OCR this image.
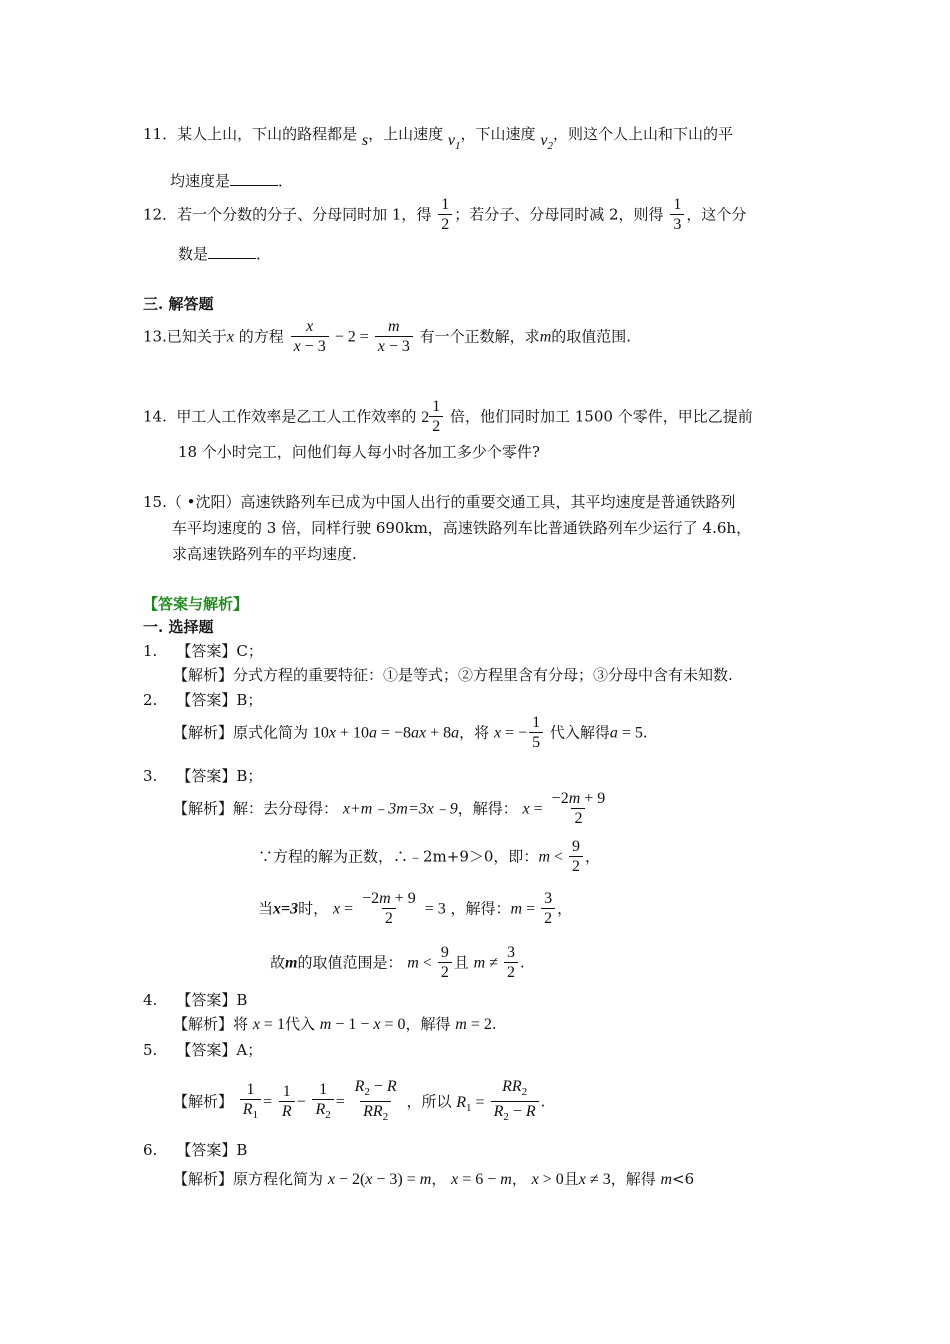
11．某人上山，下山的路程都是 s，上山速度 $v_1$，下山速度 $v_2$，则这个人上山和下山的平
均速度是	．
12．若一个分数的分子、分母同时加 1，得 $\frac{1}{2}$ ；若分子、分母同时减 2，则得 $\frac{1}{3}$ ，这个分
数是	．
三. 解答题
13.已知关于x 的方程 $\frac{x}{x - 3} - 2 = \frac{m}{x - 3}$ 有一个正数解，求m的取值范围.
14. 甲工人工作效率是乙工人工作效率的 $2 \frac{1}{2}$ 倍，他们同时加工 1500 个零件，甲比乙提前
18 个小时完工，问他们每人每小时各加工多少个零件?
15.（ •沈阳）高速铁路列车已成为中国人出行的重要交通工具，其平均速度是普通铁路列
车平均速度的 3 倍，同样行驶 690km，高速铁路列车比普通铁路列车少运行了 4.6h，
求高速铁路列车的平均速度.
【答案与解析】
一. 选择题
1. 【答案】C；
【解析】分式方程的重要特征：①是等式；②方程里含有分母；③分母中含有未知数.
2. 【答案】B；
【解析】原式化简为 10x + 10a = −8ax + 8a，将 x = − $\frac{1}{5}$ 代入解得a = 5.
3. 【答案】B；
【解析】解：去分母得： x+m﹣3m=3x﹣9，解得： $x = \frac{-2m + 9}{2}$
∵方程的解为正数，∴﹣2m+9＞0，即：$m < \frac{9}{2}$ ，
当x=3时， $x = \frac{-2m + 9}{2} = 3$ ，解得：$m = \frac{3}{2}$ ，
故m的取值范围是： $m < \frac{9}{2}$ 且 $m \ne \frac{3}{2}$ .
4. 【答案】B
【解析】将 x = 1代入 m − 1 − x = 0，解得 m = 2.
5. 【答案】A；
【解析】 $\frac{1}{R_1} = \frac{1}{R} - \frac{1}{R_2} = \frac{R_2 - R}{RR_2}$ ，所以 $R_1 = \frac{RR_2}{R_2 - R}$ .
6. 【答案】B
【解析】原方程化简为 x − 2(x − 3) = m， x = 6 − m， x > 0且x ≠ 3，解得 m<6
